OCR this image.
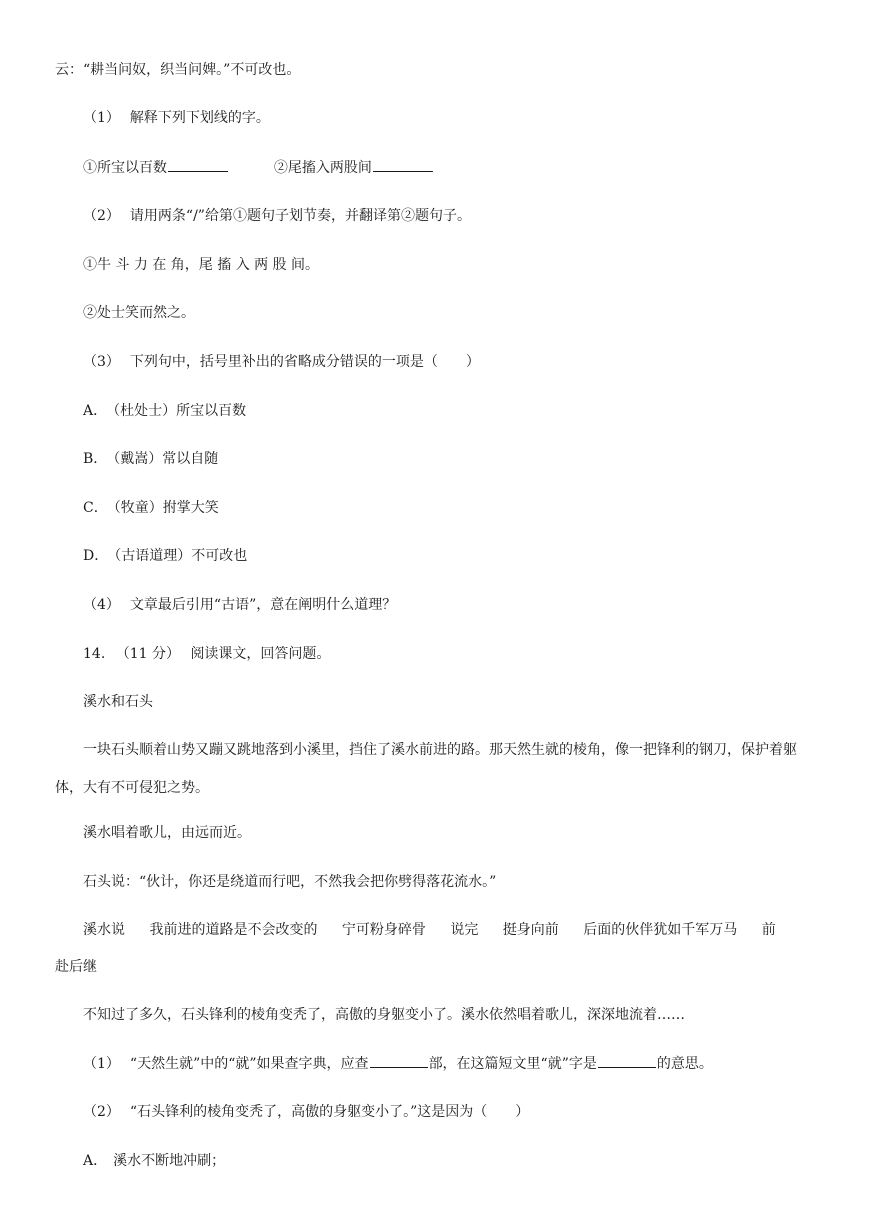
云：“耕当问奴，织当问婢。”不可改也。
（1） 解释下列下划线的字。
①所宝以百数	②尾搐入两股间
（2） 请用两条“/”给第①题句子划节奏，并翻译第②题句子。
①牛 斗 力 在 角，尾 搐 入 两 股 间。
②处士笑而然之。
（3） 下列句中，括号里补出的省略成分错误的一项是（　　）
A． （杜处士）所宝以百数
B． （戴嵩）常以自随
C． （牧童）拊掌大笑
D． （古语道理）不可改也
（4） 文章最后引用“古语”，意在阐明什么道理？
14. （11 分） 阅读课文，回答问题。
溪水和石头
一块石头顺着山势又蹦又跳地落到小溪里，挡住了溪水前进的路。那天然生就的棱角，像一把锋利的钢刀，保护着躯体，大有不可侵犯之势。
溪水唱着歌儿，由远而近。
石头说：“伙计，你还是绕道而行吧，不然我会把你劈得落花流水。”
溪水说 我前进的道路是不会改变的 宁可粉身碎骨 说完 挺身向前 后面的伙伴犹如千军万马 前
赴后继
不知过了多久，石头锋利的棱角变秃了，高傲的身躯变小了。溪水依然唱着歌儿，深深地流着……
（1） “天然生就”中的“就”如果查字典，应查	部，在这篇短文里“就”字是	的意思。
（2） “石头锋利的棱角变秃了，高傲的身躯变小了。”这是因为（　　）
A． 溪水不断地冲刷；
